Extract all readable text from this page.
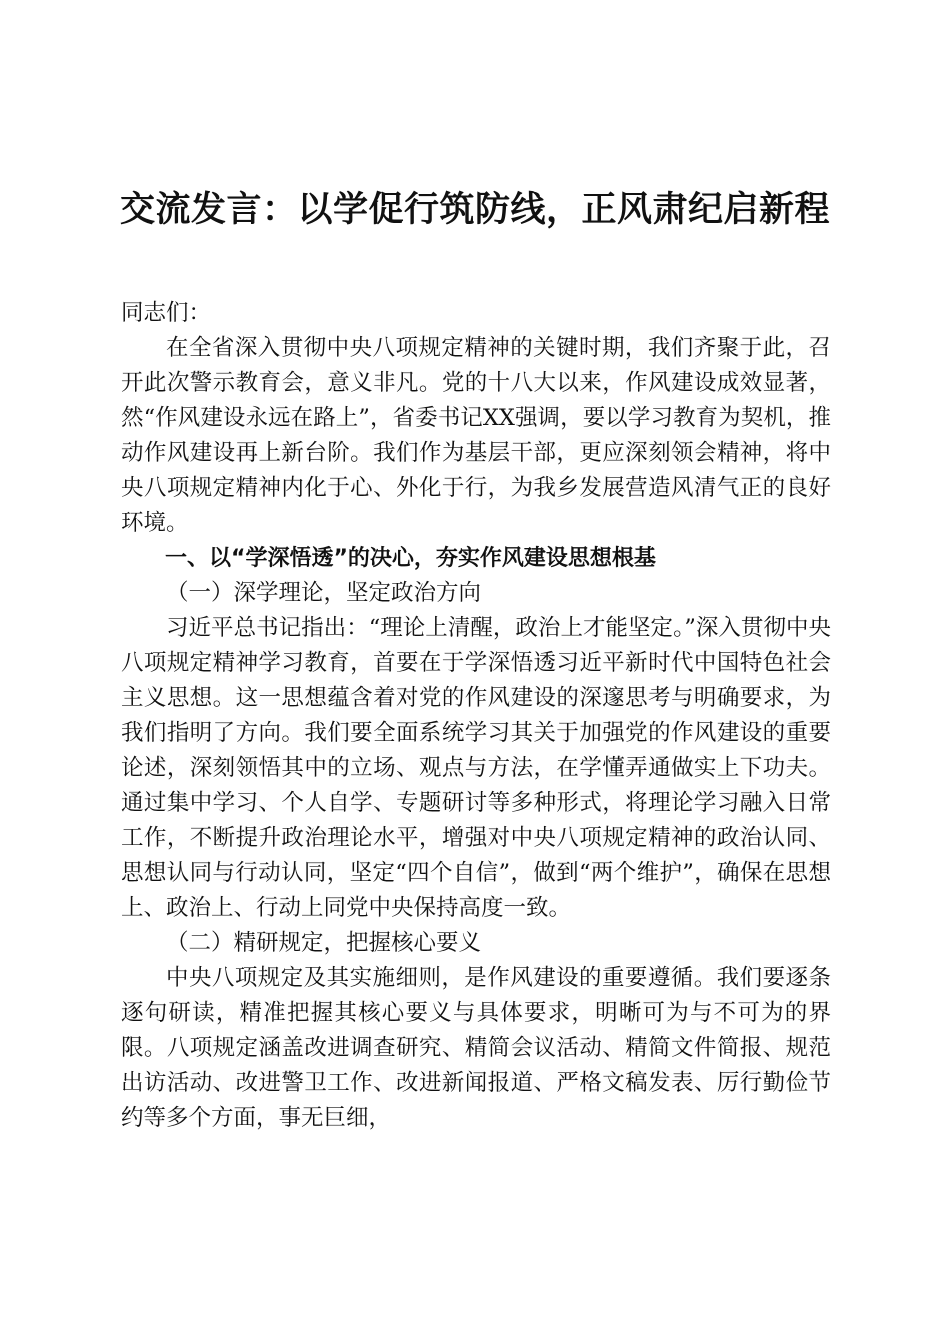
交流发言：以学促行筑防线，正风肃纪启新程

同志们：

在全省深入贯彻中央八项规定精神的关键时期，我们齐聚于此，召开此次警示教育会，意义非凡。党的十八大以来，作风建设成效显著，然“作风建设永远在路上”，省委书记XX强调，要以学习教育为契机，推动作风建设再上新台阶。我们作为基层干部，更应深刻领会精神，将中央八项规定精神内化于心、外化于行，为我乡发展营造风清气正的良好环境。

一、以“学深悟透”的决心，夯实作风建设思想根基

（一）深学理论，坚定政治方向

习近平总书记指出：“理论上清醒，政治上才能坚定。”深入贯彻中央八项规定精神学习教育，首要在于学深悟透习近平新时代中国特色社会主义思想。这一思想蕴含着对党的作风建设的深邃思考与明确要求，为我们指明了方向。我们要全面系统学习其关于加强党的作风建设的重要论述，深刻领悟其中的立场、观点与方法，在学懂弄通做实上下功夫。通过集中学习、个人自学、专题研讨等多种形式，将理论学习融入日常工作，不断提升政治理论水平，增强对中央八项规定精神的政治认同、思想认同与行动认同，坚定“四个自信”，做到“两个维护”，确保在思想上、政治上、行动上同党中央保持高度一致。

（二）精研规定，把握核心要义

中央八项规定及其实施细则，是作风建设的重要遵循。我们要逐条逐句研读，精准把握其核心要义与具体要求，明晰可为与不可为的界限。八项规定涵盖改进调查研究、精简会议活动、精简文件简报、规范出访活动、改进警卫工作、改进新闻报道、严格文稿发表、厉行勤俭节约等多个方面，事无巨细，
